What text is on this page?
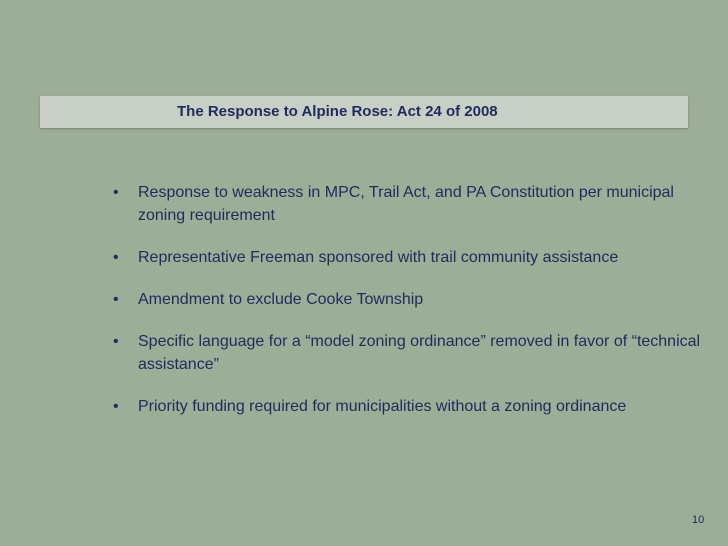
The Response to Alpine Rose: Act 24 of 2008
• Response to weakness in MPC, Trail Act, and PA Constitution per municipal zoning requirement
• Representative Freeman sponsored with trail community assistance
• Amendment to exclude Cooke Township
• Specific language for a “model zoning ordinance” removed in favor of “technical assistance”
• Priority funding required for municipalities without a zoning ordinance
10
